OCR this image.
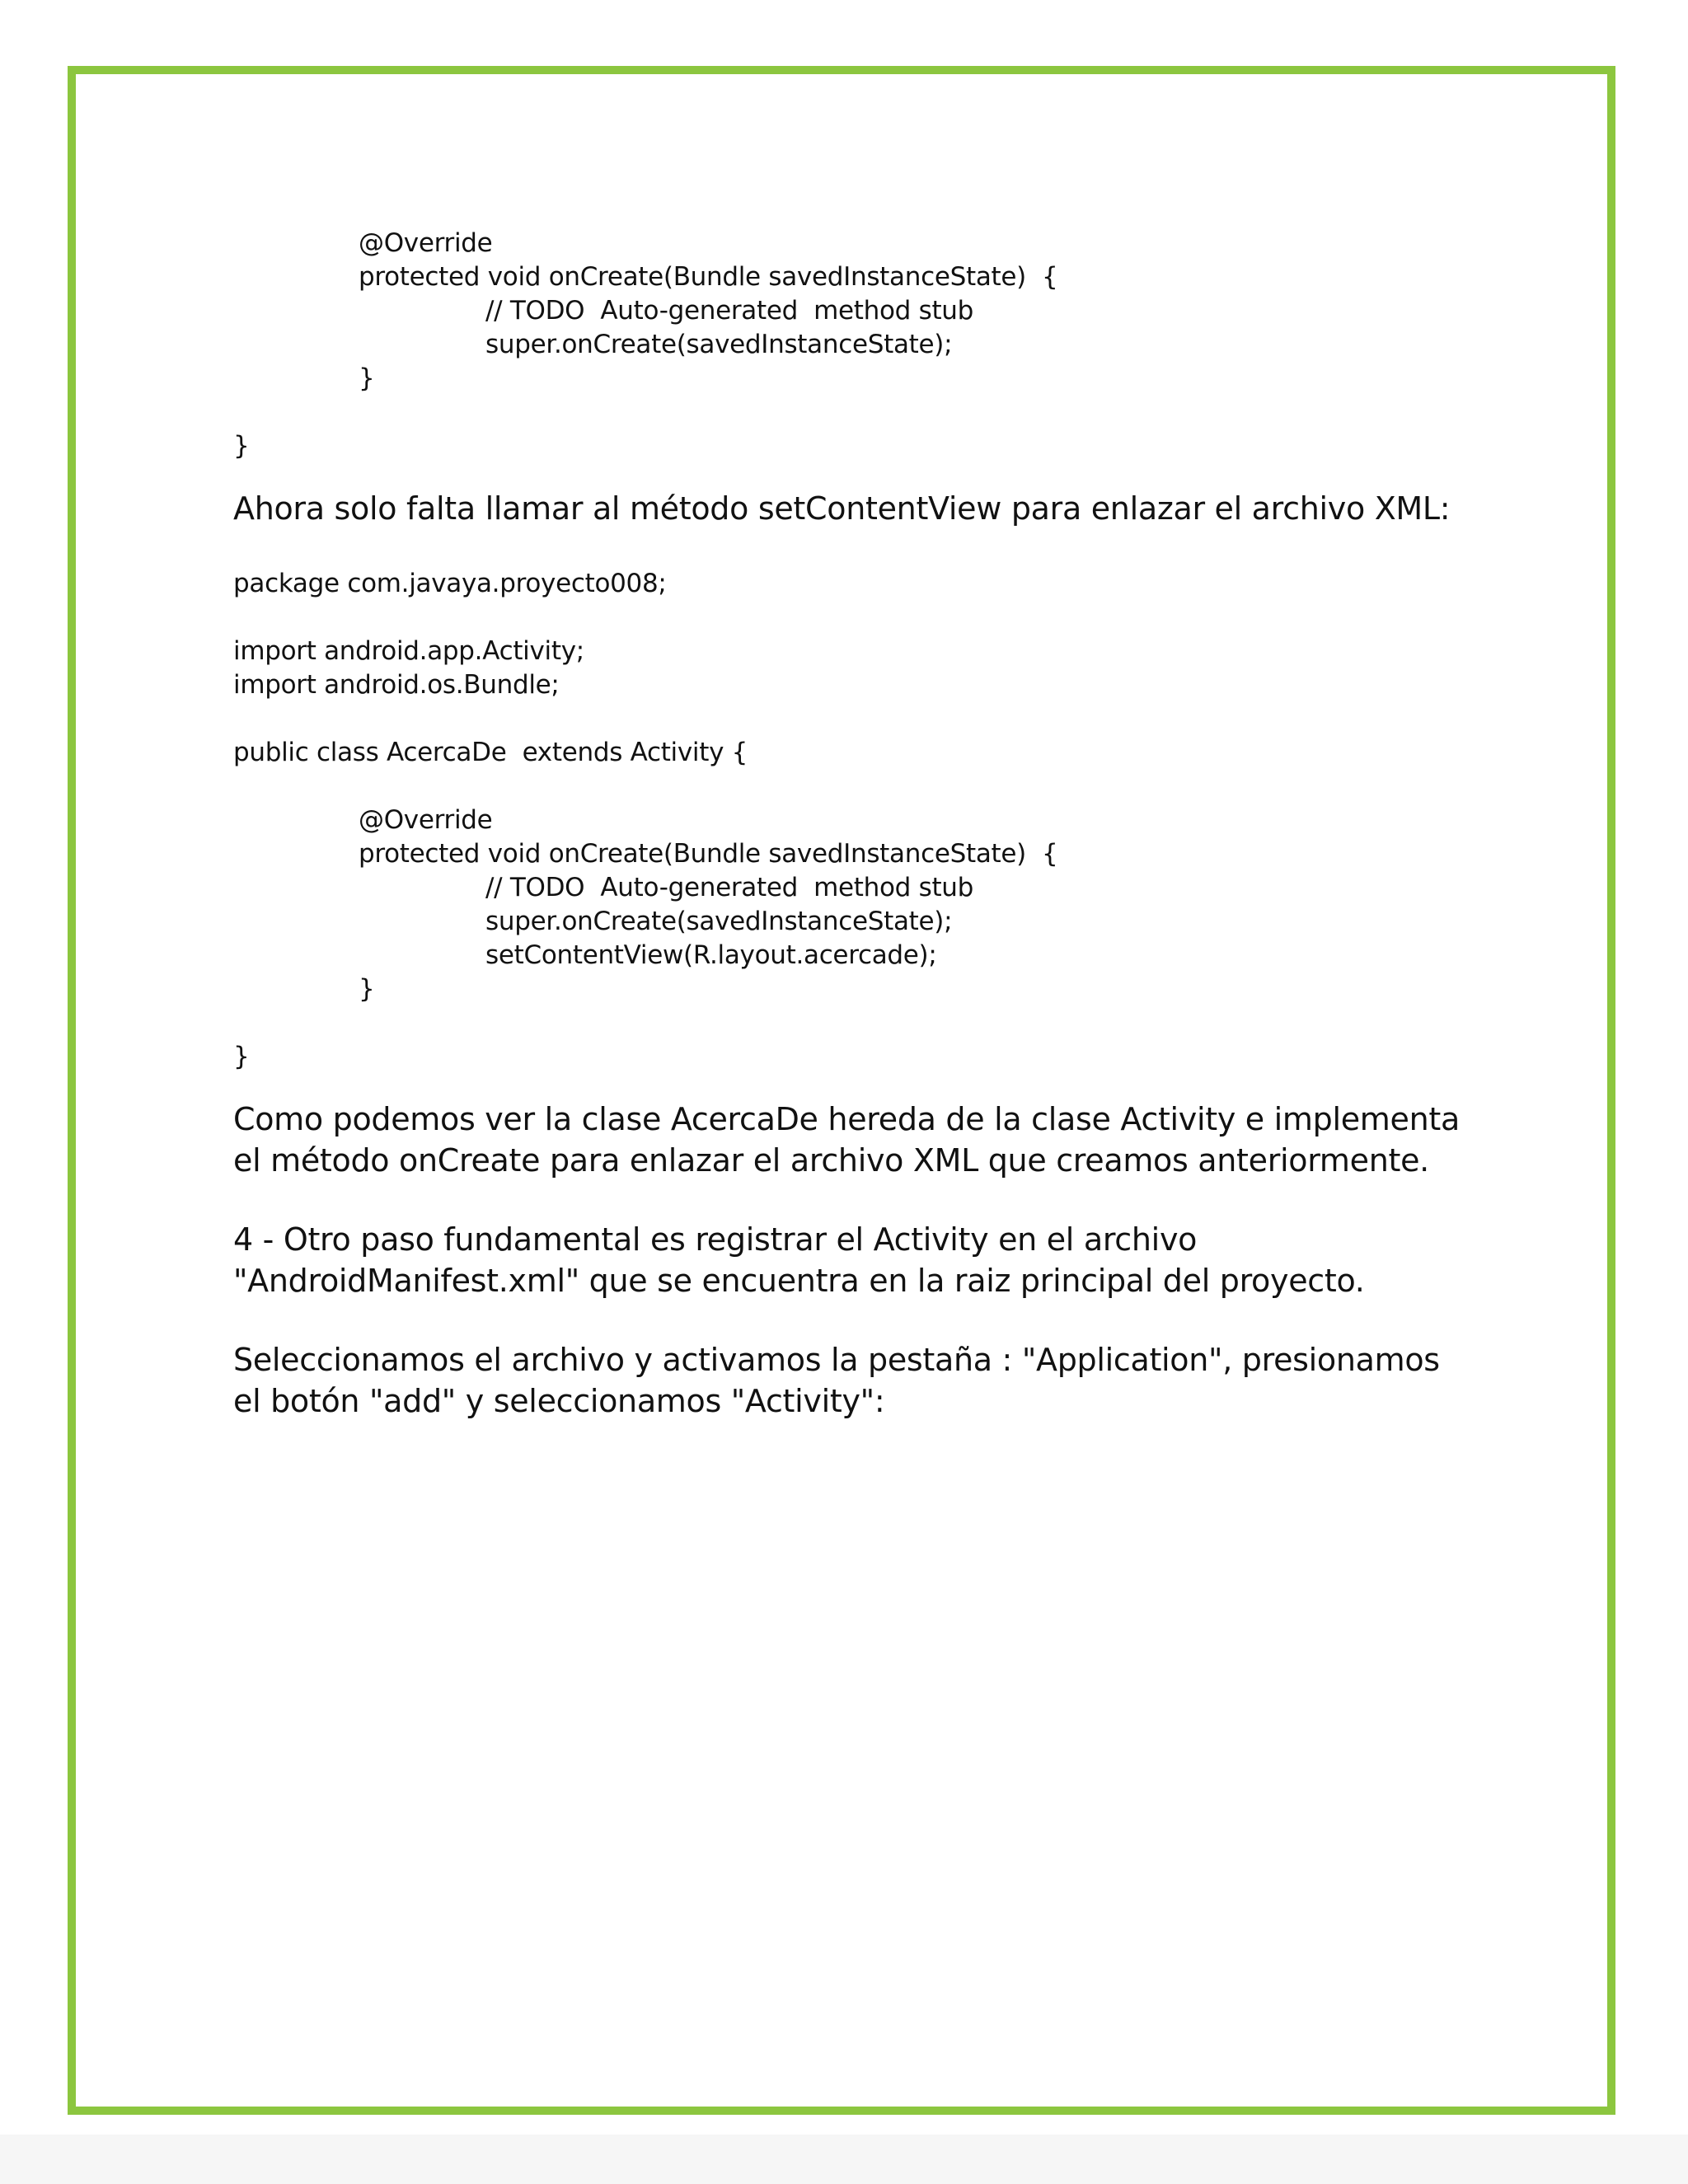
@Override
protected void onCreate(Bundle savedInstanceState)  {
// TODO  Auto-generated  method stub
super.onCreate(savedInstanceState);
}
}

Ahora solo falta llamar al método setContentView para enlazar el archivo XML:

package com.javaya.proyecto008;
import android.app.Activity;
import android.os.Bundle;
public class AcercaDe  extends Activity {
@Override
protected void onCreate(Bundle savedInstanceState)  {
// TODO  Auto-generated  method stub
super.onCreate(savedInstanceState);
setContentView(R.layout.acercade);
}
}

Como podemos ver la clase AcercaDe hereda de la clase Activity e implementa el método onCreate para enlazar el archivo XML que creamos anteriormente.

4 - Otro paso fundamental es registrar el Activity en el archivo "AndroidManifest.xml" que se encuentra en la raiz principal del proyecto.

Seleccionamos el archivo y activamos la pestaña : "Application", presionamos el botón "add" y seleccionamos "Activity":
